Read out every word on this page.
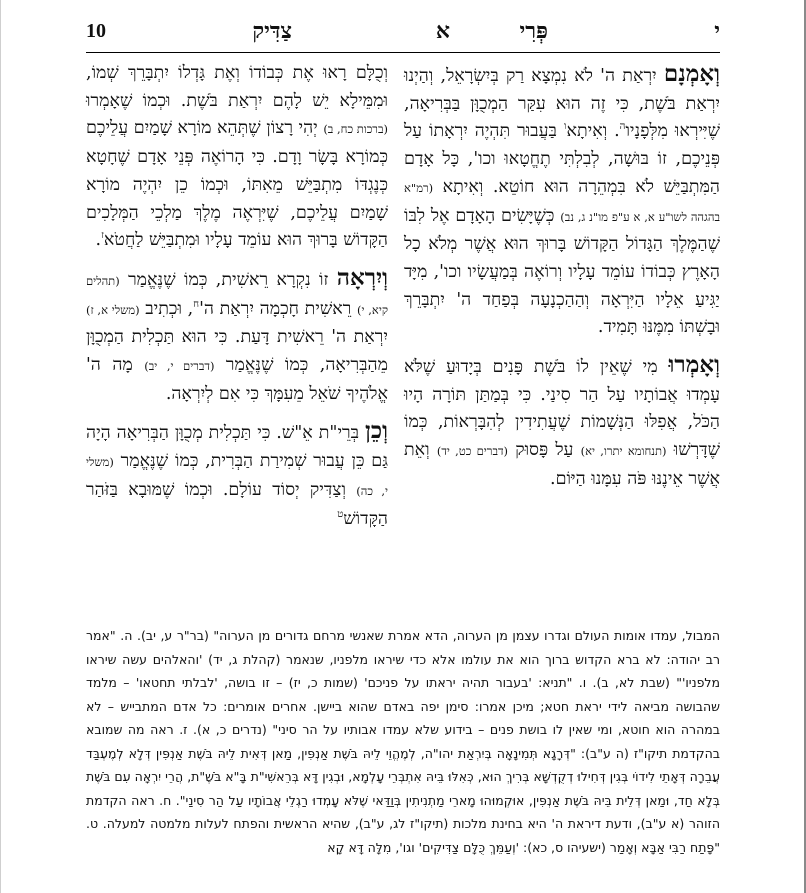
י
פְּרִי
א
צַדִּיק
10

וְאָמְנָם יִרְאַת ה' לֹא נִמְצָא רַק בְּיִשְׂרָאֵל, וְהַיְנוּ יִרְאַת בֹּשֶׁת, כִּי זֶה הוּא עִקַּר הַמְכֻוָּן בַּבְּרִיאָה, שֶׁיִּירְאוּ מִלְּפָנָיו$^ה$. וְאִיתָא$^ו$ בַּעֲבוּר תִּהְיֶה יִרְאָתוֹ עַל פְּנֵיכֶם, זוֹ בּוּשָׁה, לְבִלְתִּי תֶחֱטָאוּ וכו', כָּל אָדָם הַמִּתְבַּיֵּשׁ לֹא בִּמְהֵרָה הוּא חוֹטֵא. וְאִיתָא (רמ"א בהגהה לשו"ע א, א ע"פ מו"נ ג, נב) כְּשֶׁיָּשִׂים הָאָדָם אֶל לִבּוֹ שֶׁהַמֶּלֶךְ הַגָּדוֹל הַקָּדוֹשׁ בָּרוּךְ הוּא אֲשֶׁר מְלֹא כָל הָאָרֶץ כְּבוֹדוֹ עוֹמֵד עָלָיו וְרוֹאֶה בְּמַעֲשָׂיו וכו', מִיָּד יַגִּיעַ אֵלָיו הַיִּרְאָה וְהַהַכְנָעָה בְּפַחַד ה' יִתְבָּרֵךְ וּבָשְׁתּוֹ מִמֶּנּוּ תָּמִיד.

וְאָמְרוּ מִי שֶׁאֵין לוֹ בֹּשֶׁת פָּנִים בְּיָדוּעַ שֶׁלֹּא עָמְדוּ אֲבוֹתָיו עַל הַר סִינַי. כִּי בְּמַתַּן תּוֹרָה הָיוּ הַכֹּל, אֲפִלּוּ הַנְּשָׁמוֹת שֶׁעֲתִידִין לְהִבָּרְאוֹת, כְּמוֹ שֶׁדָּרְשׁוּ (תנחומא יתרו, יא) עַל פָּסוּק (דברים כט, יד) וְאֵת אֲשֶׁר אֵינֶנּוּ פֹּה עִמָּנוּ הַיּוֹם.

וְכֻלָּם רָאוּ אֶת כְּבוֹדוֹ וְאֶת גָּדְלוֹ יִתְבָּרֵךְ שְׁמוֹ, וּמִמֵּילָא יֵשׁ לָהֶם יִרְאַת בֹּשֶׁת. וּכְמוֹ שֶׁאָמְרוּ (ברכות כח, ב) יְהִי רָצוֹן שֶׁתְּהֵא מוֹרָא שָׁמַיִם עֲלֵיכֶם כְּמוֹרָא בָּשָׂר וָדָם. כִּי הָרוֹאֶה פְּנֵי אָדָם שֶׁחָטָא כְּנֶגְדּוֹ מִתְבַּיֵּשׁ מֵאִתּוֹ, וּכְמוֹ כֵן יִהְיֶה מוֹרָא שָׁמַיִם עֲלֵיכֶם, שֶׁיִּרְאֶה מֶלֶךְ מַלְכֵי הַמְּלָכִים הַקָּדוֹשׁ בָּרוּךְ הוּא עוֹמֵד עָלָיו וּמִתְבַּיֵּשׁ לַחֲטֹא$^ז$.

וְיִרְאָה זוֹ נִקְרָא רֵאשִׁית, כְּמוֹ שֶׁנֶּאֱמַר (תהלים קיא, י) רֵאשִׁית חָכְמָה יִרְאַת $ה'^ח$, וּכְתִיב (משלי א, ז) יִרְאַת ה' רֵאשִׁית דָּעַת. כִּי הוּא תַּכְלִית הַמְכֻוָּן מֵהַבְּרִיאָה, כְּמוֹ שֶׁנֶּאֱמַר (דברים י, יב) מָה ה' אֱלֹהֶיךָ שֹׁאֵל מֵעִמָּךְ כִּי אִם לְיִרְאָה.

וְכֵן בְּרֵי"ת אֵ"שׁ. כִּי תַּכְלִית מְכֻוָּן הַבְּרִיאָה הָיָה גַּם כֵּן עֲבוּר שְׁמִירַת הַבְּרִית, כְּמוֹ שֶׁנֶּאֱמַר (משלי י, כה) וְצַדִּיק יְסוֹד עוֹלָם. וּכְמוֹ שֶׁמּוּבָא בַּזֹּהַר הַקָּדוֹשׁ$^ט$

המבול, עמדו אומות העולם וגדרו עצמן מן הערוה, הדא אמרת שאנשי מרחם גדורים מן הערוה" (בר"ר ע, יב). ה. "אמר רב יהודה: לא ברא הקדוש ברוך הוא את עולמו אלא כדי שיראו מלפניו, שנאמר (קהלת ג, יד) 'והאלהים עשה שיראו מלפניו'" (שבת לא, ב). ו. "תניא: 'בעבור תהיה יראתו על פניכם' (שמות כ, יז) – זו בושה, 'לבלתי תחטאו' – מלמד שהבושה מביאה לידי יראת חטא; מיכן אמרו: סימן יפה באדם שהוא ביישן. אחרים אומרים: כל אדם המתבייש – לא במהרה הוא חוטא, ומי שאין לו בושת פנים – בידוע שלא עמדו אבותיו על הר סיני" (נדרים כ, א). ז. ראה מה שמובא בהקדמת תיקו"ז (ה ע"ב): "דְּרָגָא תְּמִינָאָה בְּיִרְאַת יהו"ה, לְמֶהֱוֵי לֵיהּ בֹּשֶׁת אַנְפִּין, מַאן דְּאִית לֵיהּ בֹּשֶׁת אַנְפִּין דְּלָא לְמֶעְבַּד עֲבֵרָה דְּאָתֵי לִידוֹי בְּגִין דְּחִילוּ דְקֻדְשָׁא בְּרִיךְ הוּא, כְּאִלּוּ בֵּיהּ אִתְבְּרֵי עָלְמָא, וּבְגִין דָּא בְּרֵאשִׁי"ת בָּ"א בֹּשֶׁ"ת, הֲרֵי יִרְאָה עִם בֹּשֶׁת בְּלָא חַד, וּמַאן דְּלֵית בֵּיהּ בֹּשֶׁת אַנְפִּין, אוּקְמוּהוּ מָארֵי מַתְנִיתִין בְּוַדַּאי שֶׁלֹּא עָמְדוּ רַגְלֵי אֲבוֹתָיו עַל הַר סִינַי". ח. ראה הקדמת הזוהר (א ע"ב), ודעת דיראת ה' היא בחינת מלכות (תיקו"ז לג, ע"ב), שהיא הראשית והפתח לעלות מלמטה למעלה. ט. "פָּתַח רַבִּי אַבָּא וְאָמַר (ישעיהו ס, כא): 'וְעַמֵּךְ כֻּלָּם צַדִּיקִים' וגו', מִלָּה דָּא קָא
